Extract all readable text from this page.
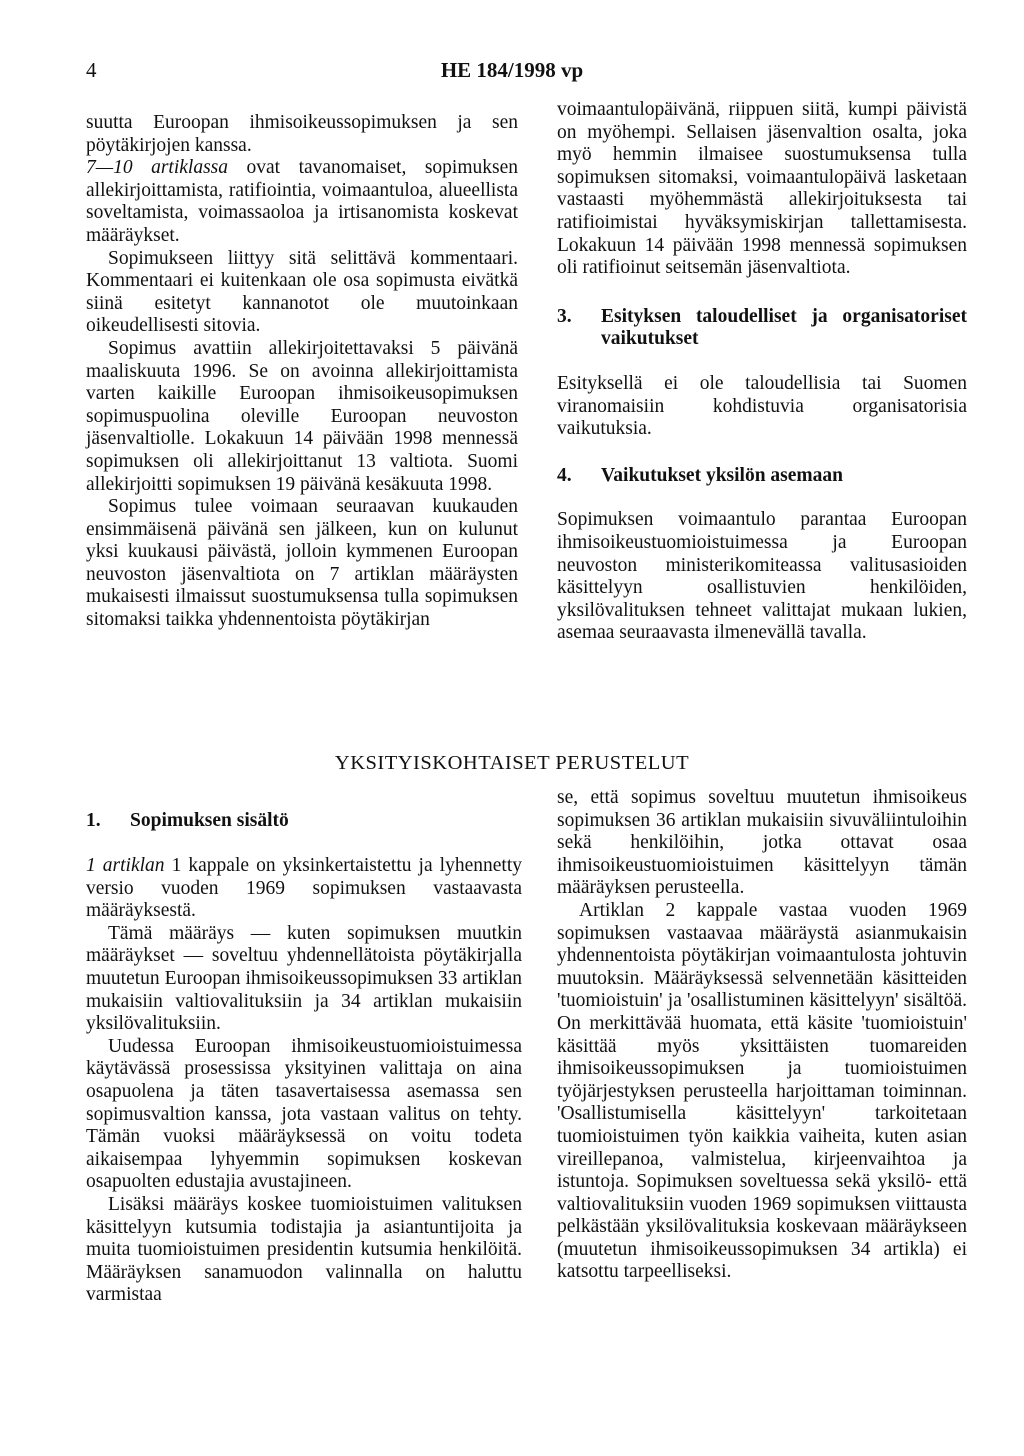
4	HE 184/1998 vp

suutta Euroopan ihmisoikeussopimuksen ja sen pöytäkirjojen kanssa.

7—10 artiklassa ovat tavanomaiset, sopimuksen allekirjoittamista, ratifiointia, voimaantuloa, alueellista soveltamista, voimassaoloa ja irtisanomista koskevat määräykset.

Sopimukseen liittyy sitä selittävä kommentaari. Kommentaari ei kuitenkaan ole osa sopimusta eivätkä siinä esitetyt kannanotot ole muutoinkaan oikeudellisesti sitovia.

Sopimus avattiin allekirjoitettavaksi 5 päivänä maaliskuuta 1996. Se on avoinna allekirjoittamista varten kaikille Euroopan ihmisoikeusopimuksen sopimuspuolina oleville Euroopan neuvoston jäsenvaltiolle. Lokakuun 14 päivään 1998 mennessä sopimuksen oli allekirjoittanut 13 valtiota. Suomi allekirjoitti sopimuksen 19 päivänä kesäkuuta 1998.

Sopimus tulee voimaan seuraavan kuukauden ensimmäisenä päivänä sen jälkeen, kun on kulunut yksi kuukausi päivästä, jolloin kymmenen Euroopan neuvoston jäsenvaltiota on 7 artiklan määräysten mukaisesti ilmaissut suostumuksensa tulla sopimuksen sitomaksi taikka yhdennentoista pöytäkirjan

voimaantulopäivänä, riippuen siitä, kumpi päivistä on myöhempi. Sellaisen jäsenvaltion osalta, joka myö hemmin ilmaisee suostumuksensa tulla sopimuksen sitomaksi, voimaantulopäivä lasketaan vastaasti myöhemmästä allekirjoituksesta tai ratifioimistai hyväksymiskirjan tallettamisesta. Lokakuun 14 päivään 1998 mennessä sopimuksen oli ratifioinut seitsemän jäsenvaltiota.

3.	Esityksen taloudelliset ja organisatoriset vaikutukset

Esityksellä ei ole taloudellisia tai Suomen viranomaisiin kohdistuvia organisatorisia vaikutuksia.

4.	Vaikutukset yksilön asemaan

Sopimuksen voimaantulo parantaa Euroopan ihmisoikeustuomioistuimessa ja Euroopan neuvoston ministerikomiteassa valitusasioiden käsittelyyn osallistuvien henkilöiden, yksilövalituksen tehneet valittajat mukaan lukien, asemaa seuraavasta ilmenevällä tavalla.

YKSITYISKOHTAISET PERUSTELUT
1.	Sopimuksen sisältö

1 artiklan 1 kappale on yksinkertaistettu ja lyhennetty versio vuoden 1969 sopimuksen vastaavasta määräyksestä.

Tämä määräys — kuten sopimuksen muutkin määräykset — soveltuu yhdennellätoista pöytäkirjalla muutetun Euroopan ihmisoikeussopimuksen 33 artiklan mukaisiin valtiovalituksiin ja 34 artiklan mukaisiin yksilövalituksiin.

Uudessa Euroopan ihmisoikeustuomioistuimessa käytävässä prosessissa yksityinen valittaja on aina osapuolena ja täten tasavertaisessa asemassa sen sopimusvaltion kanssa, jota vastaan valitus on tehty. Tämän vuoksi määräyksessä on voitu todeta aikaisempaa lyhyemmin sopimuksen koskevan osapuolten edustajia avustajineen.

Lisäksi määräys koskee tuomioistuimen valituksen käsittelyyn kutsumia todistajia ja asiantuntijoita ja muita tuomioistuimen presidentin kutsumia henkilöitä. Määräyksen sanamuodon valinnalla on haluttu varmistaa

se, että sopimus soveltuu muutetun ihmisoikeus sopimuksen 36 artiklan mukaisiin sivuväliintuloihin sekä henkilöihin, jotka ottavat osaa ihmisoikeustuomioistuimen käsittelyyn tämän määräyksen perusteella.

Artiklan 2 kappale vastaa vuoden 1969 sopimuksen vastaavaa määräystä asianmukaisin yhdennentoista pöytäkirjan voimaantulosta johtuvin muutoksin. Määräyksessä selvennetään käsitteiden 'tuomioistuin' ja 'osallistuminen käsittelyyn' sisältöä. On merkittävää huomata, että käsite 'tuomioistuin' käsittää myös yksittäisten tuomareiden ihmisoikeussopimuksen ja tuomioistuimen työjärjestyksen perusteella harjoittaman toiminnan. 'Osallistumisella käsittelyyn' tarkoitetaan tuomioistuimen työn kaikkia vaiheita, kuten asian vireillepanoa, valmistelua, kirjeenvaihtoa ja istuntoja. Sopimuksen soveltuessa sekä yksilö- että valtiovalituksiin vuoden 1969 sopimuksen viittausta pelkästään yksilövalituksia koskevaan määräykseen (muutetun ihmisoikeussopimuksen 34 artikla) ei katsottu tarpeelliseksi.
